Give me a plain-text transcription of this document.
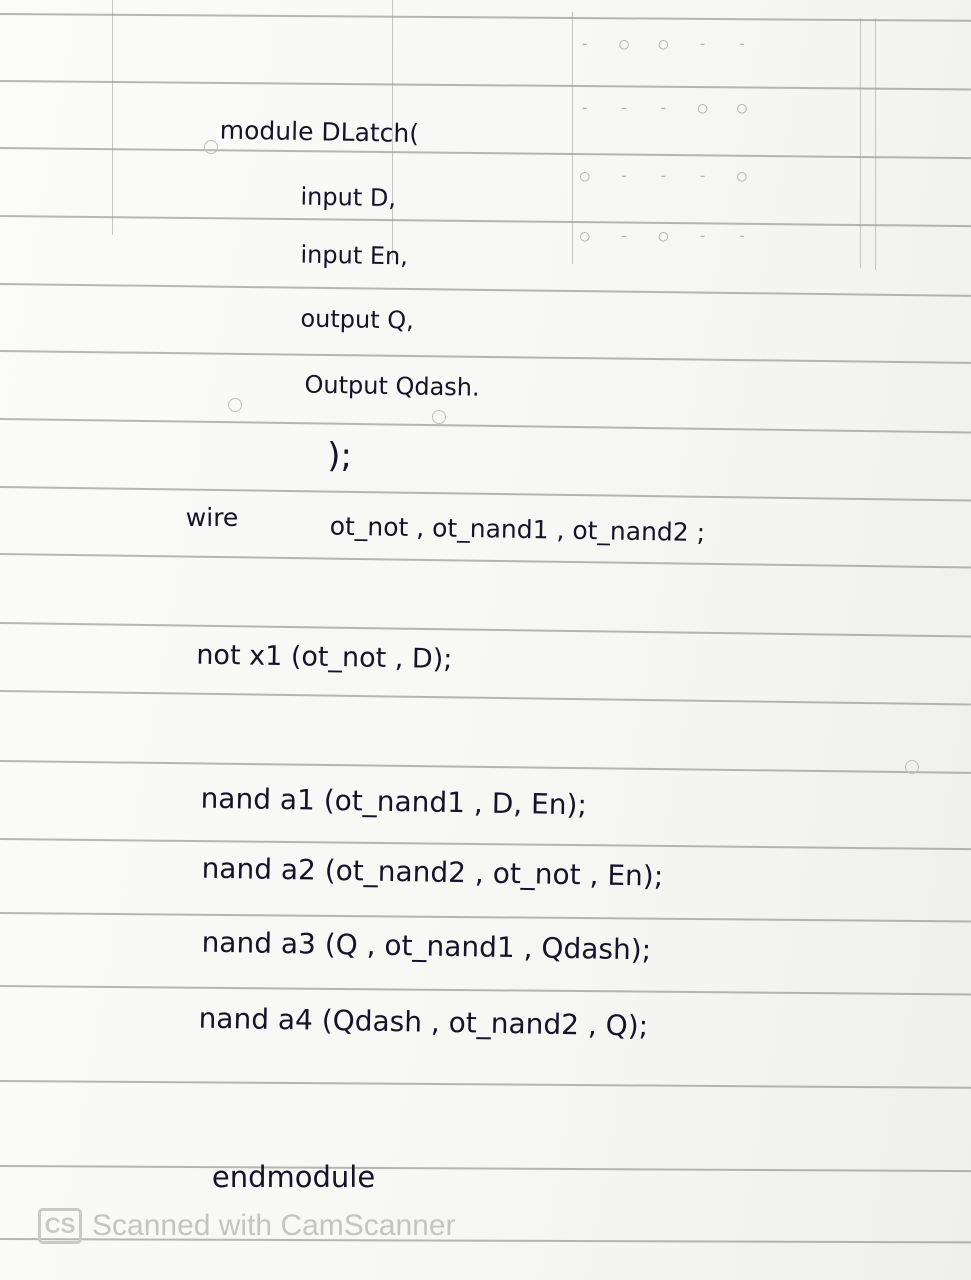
- ○ ○ - -
- - - ○ ○
○ - - - ○
○ - ○ - -

module DLatch(

input D,

input En,

output Q,

Output Qdash.

);

wire
	ot_not , ot_nand1 , ot_nand2 ;

not x1 (ot_not , D);

nand a1 (ot_nand1 , D, En);

nand a2 (ot_nand2 , ot_not , En);

nand a3 (Q , ot_nand1 , Qdash);

nand a4 (Qdash , ot_nand2 , Q);

endmodule

CS Scanned with CamScanner
